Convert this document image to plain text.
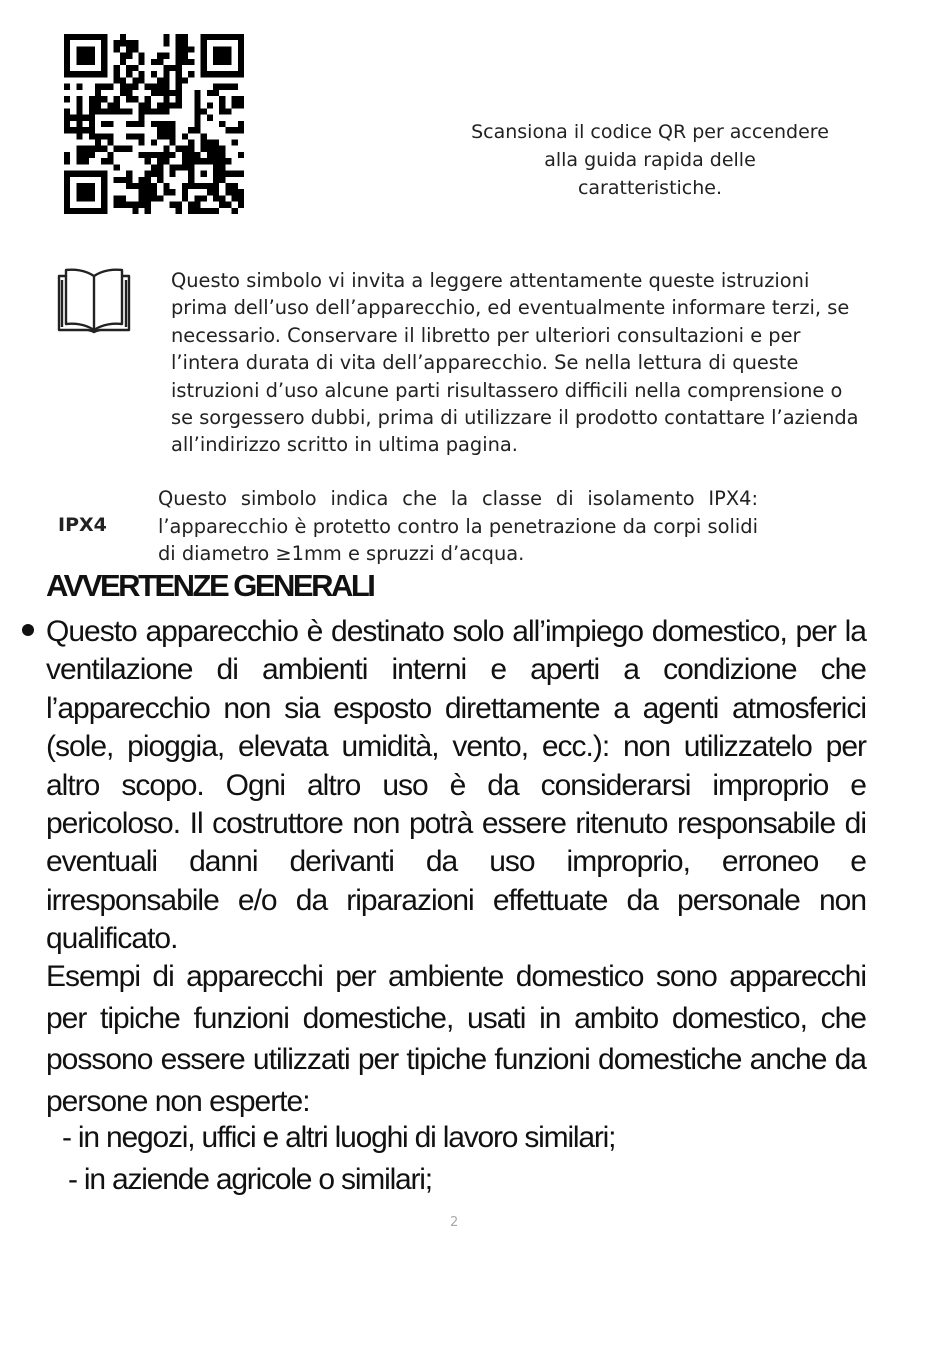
Scansiona il codice QR per accendere alla guida rapida delle caratteristiche.
Questo simbolo vi invita a leggere attentamente queste istruzioni prima dell’uso dell’apparecchio, ed eventualmente informare terzi, se necessario. Conservare il libretto per ulteriori consultazioni e per l’intera durata di vita dell’apparecchio. Se nella lettura di queste istruzioni d’uso alcune parti risultassero difficili nella comprensione o se sorgessero dubbi, prima di utilizzare il prodotto contattare l’azienda all’indirizzo scritto in ultima pagina.
IPX4
Questo simbolo indica che la classe di isolamento IPX4: l’apparecchio è protetto contro la penetrazione da corpi solidi di diametro ≥1mm e spruzzi d’acqua.
AVVERTENZE GENERALI
Questo apparecchio è destinato solo all’impiego domestico, per la ventilazione di ambienti interni e aperti a condizione che l’apparecchio non sia esposto direttamente a agenti atmosferici (sole, pioggia, elevata umidità, vento, ecc.): non utilizzatelo per altro scopo. Ogni altro uso è da considerarsi improprio e pericoloso. Il costruttore non potrà essere ritenuto responsabile di eventuali danni derivanti da uso improprio, erroneo e irresponsabile e/o da riparazioni effettuate da personale non qualificato.
Esempi di apparecchi per ambiente domestico sono apparecchi per tipiche funzioni domestiche, usati in ambito domestico, che possono essere utilizzati per tipiche funzioni domestiche anche da persone non esperte:
- in negozi, uffici e altri luoghi di lavoro similari;
- in aziende agricole o similari;
2
